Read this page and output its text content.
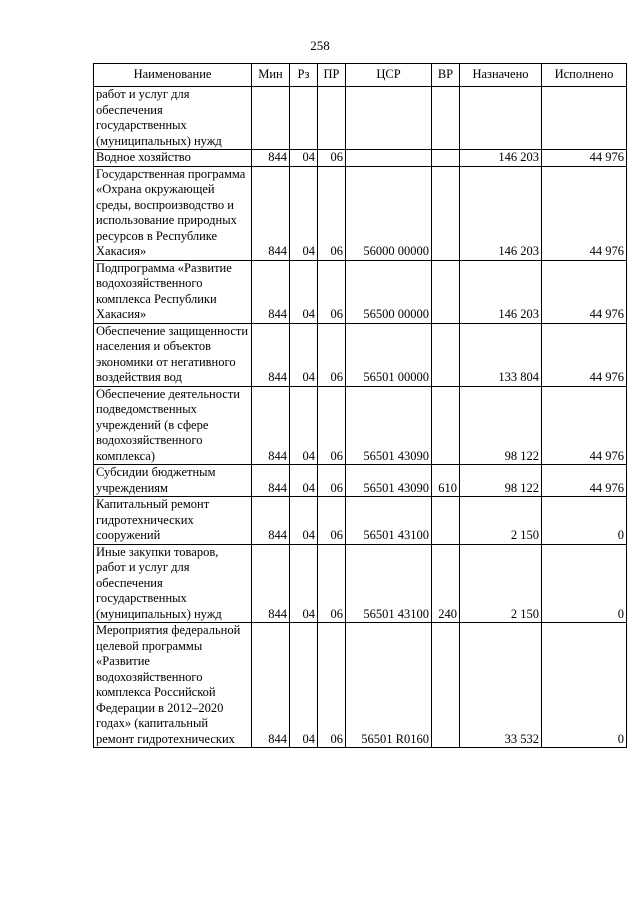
258
Наименование	Мин	Рз	ПР	ЦСР	ВР	Назначено	Исполнено
работ и услуг для обеспечения государственных (муниципальных) нужд							
Водное хозяйство	844	04	06			146 203	44 976
Государственная программа «Охрана окружающей среды, воспроизводство и использование природных ресурсов в Республике Хакасия»	844	04	06	56000 00000		146 203	44 976
Подпрограмма «Развитие водохозяйственного комплекса Республики Хакасия»	844	04	06	56500 00000		146 203	44 976
Обеспечение защищенности населения и объектов экономики от негативного воздействия вод	844	04	06	56501 00000		133 804	44 976
Обеспечение деятельности подведомственных учреждений (в сфере водохозяйственного комплекса)	844	04	06	56501 43090		98 122	44 976
Субсидии бюджетным учреждениям	844	04	06	56501 43090	610	98 122	44 976
Капитальный ремонт гидротехнических сооружений	844	04	06	56501 43100		2 150	0
Иные закупки товаров, работ и услуг для обеспечения государственных (муниципальных) нужд	844	04	06	56501 43100	240	2 150	0
Мероприятия федеральной целевой программы «Развитие водохозяйственного комплекса Российской Федерации в 2012–2020 годах» (капитальный ремонт гидротехнических	844	04	06	56501 R0160		33 532	0
